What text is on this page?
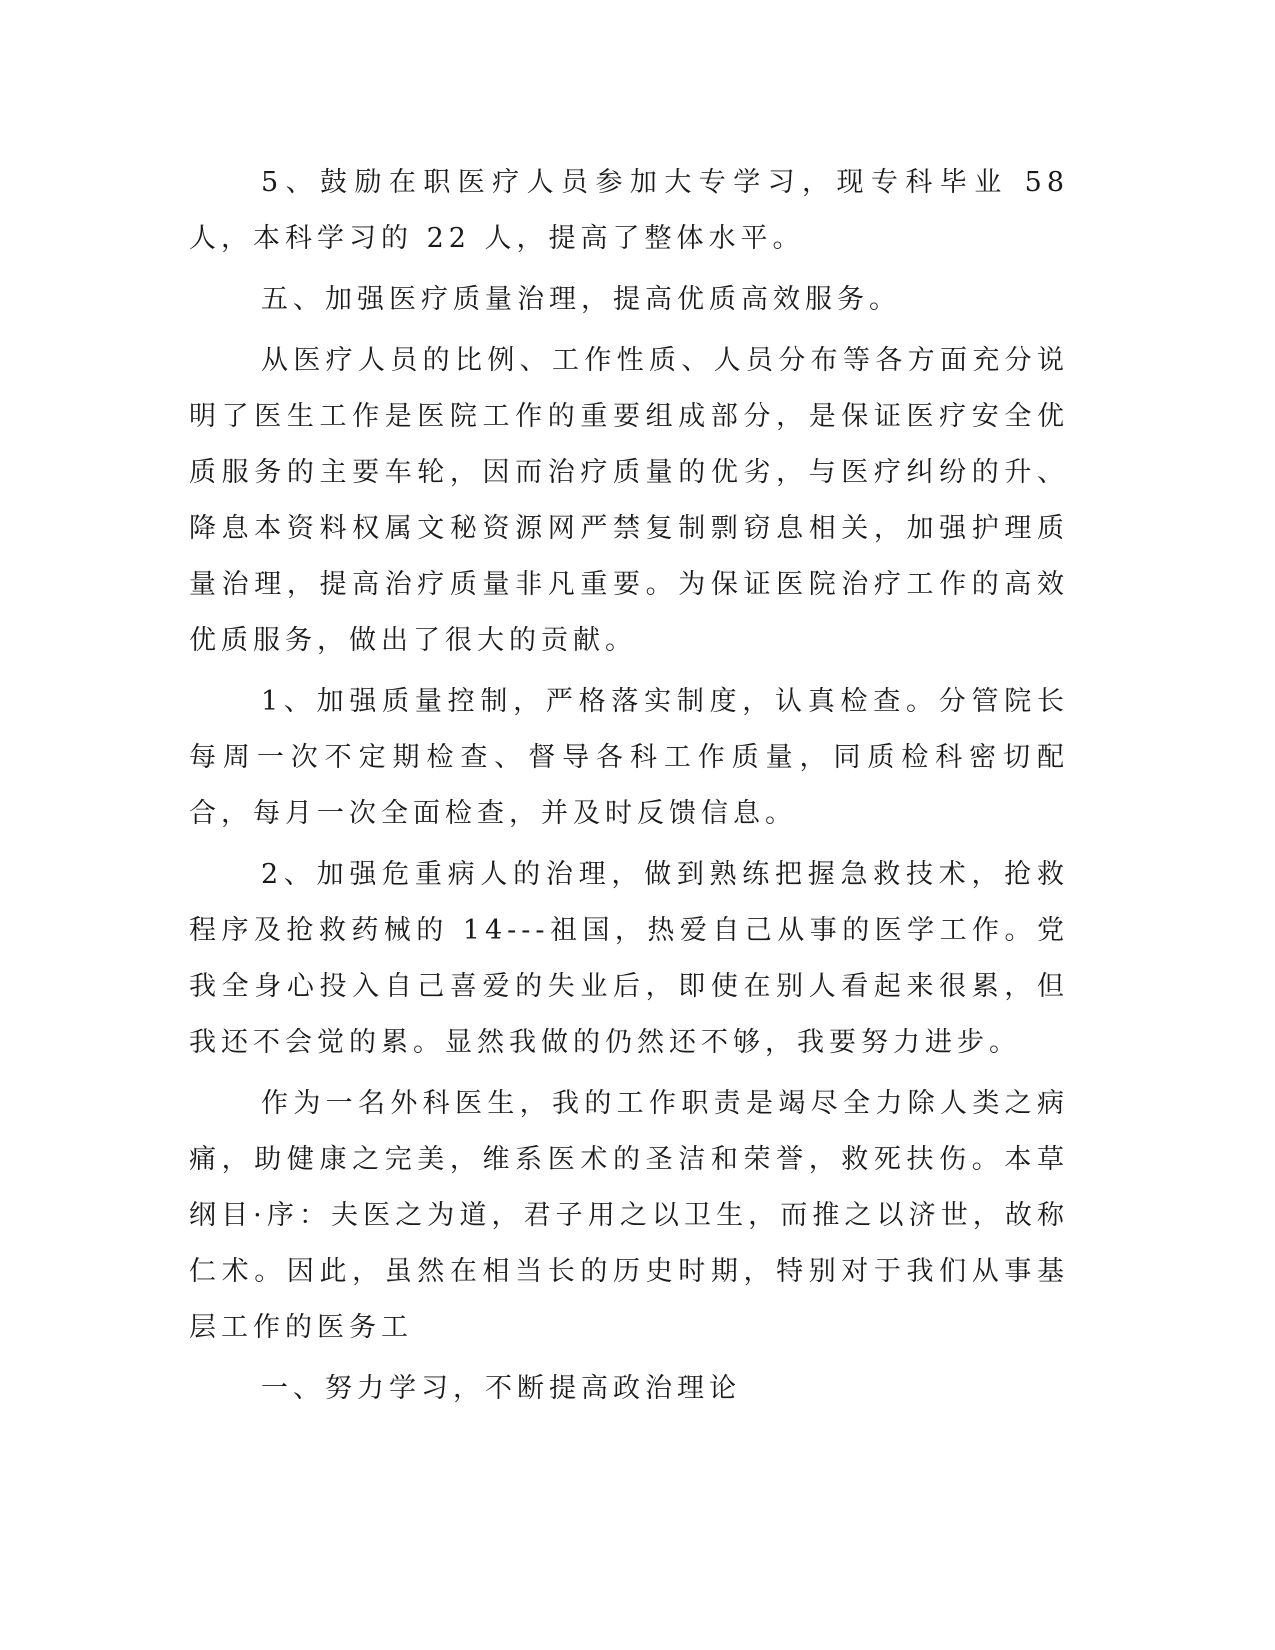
5、鼓励在职医疗人员参加大专学习，现专科毕业 58 人，本科学习的 22 人，提高了整体水平。

五、加强医疗质量治理，提高优质高效服务。

从医疗人员的比例、工作性质、人员分布等各方面充分说明了医生工作是医院工作的重要组成部分，是保证医疗安全优质服务的主要车轮，因而治疗质量的优劣，与医疗纠纷的升、降息本资料权属文秘资源网严禁复制剽窃息相关，加强护理质量治理，提高治疗质量非凡重要。为保证医院治疗工作的高效优质服务，做出了很大的贡献。

1、加强质量控制，严格落实制度，认真检查。分管院长每周一次不定期检查、督导各科工作质量，同质检科密切配合，每月一次全面检查，并及时反馈信息。

2、加强危重病人的治理，做到熟练把握急救技术，抢救程序及抢救药械的 14---祖国，热爱自己从事的医学工作。党我全身心投入自己喜爱的失业后，即使在别人看起来很累，但我还不会觉的累。显然我做的仍然还不够，我要努力进步。

作为一名外科医生，我的工作职责是竭尽全力除人类之病痛，助健康之完美，维系医术的圣洁和荣誉，救死扶伤。本草纲目·序：夫医之为道，君子用之以卫生，而推之以济世，故称仁术。因此，虽然在相当长的历史时期，特别对于我们从事基层工作的医务工

一、努力学习，不断提高政治理论
